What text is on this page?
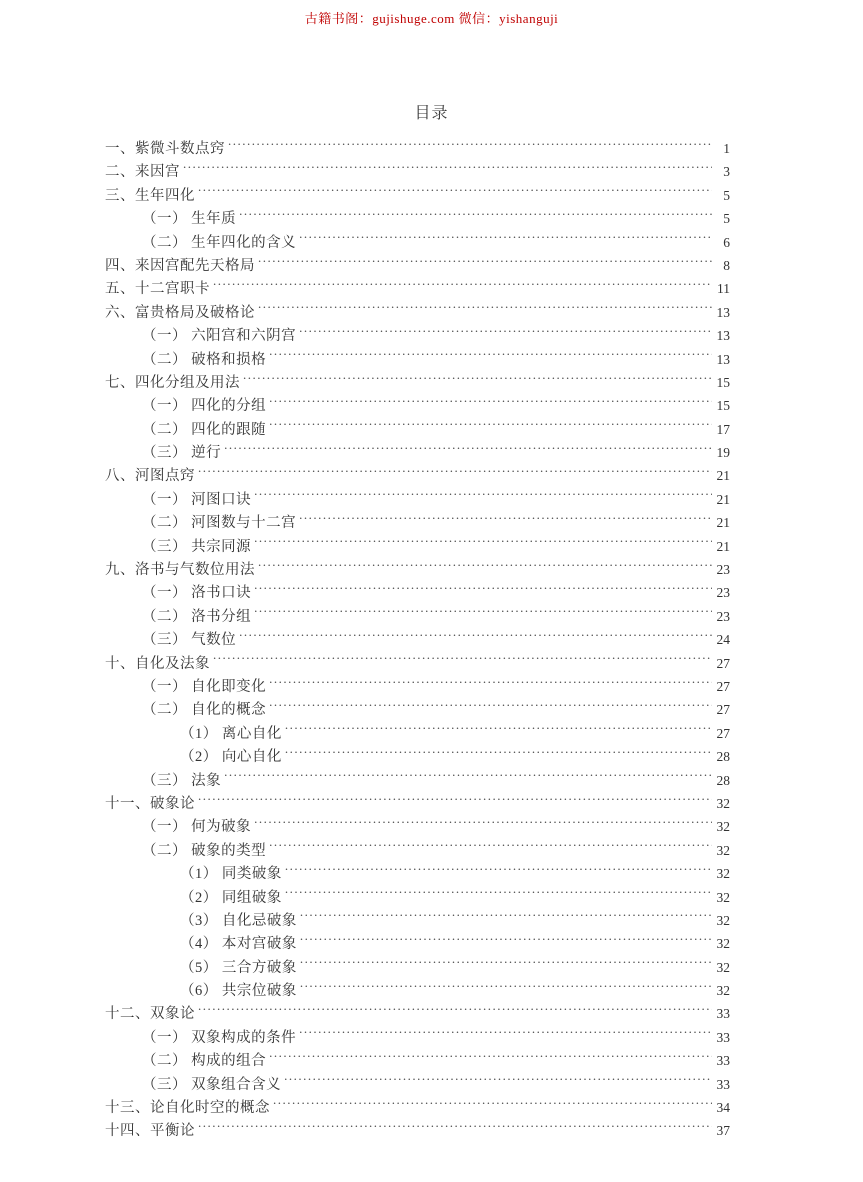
古籍书阁：gujishuge.com 微信：yishanguji
目录
一、紫微斗数点窍 .....	1
二、来因宫 .....	3
三、生年四化 .....	5
（一） 生年质 .....	5
（二） 生年四化的含义 .....	6
四、来因宫配先天格局 .....	8
五、十二宫职卡 .....	11
六、富贵格局及破格论 .....	13
（一） 六阳宫和六阴宫 .....	13
（二） 破格和损格 .....	13
七、四化分组及用法 .....	15
（一） 四化的分组 .....	15
（二） 四化的跟随 .....	17
（三） 逆行 .....	19
八、河图点窍 .....	21
（一） 河图口诀 .....	21
（二） 河图数与十二宫 .....	21
（三） 共宗同源 .....	21
九、洛书与气数位用法 .....	23
（一） 洛书口诀 .....	23
（二） 洛书分组 .....	23
（三） 气数位 .....	24
十、自化及法象 .....	27
（一） 自化即变化 .....	27
（二） 自化的概念 .....	27
（1） 离心自化 .....	27
（2） 向心自化 .....	28
（三） 法象 .....	28
十一、破象论 .....	32
（一） 何为破象 .....	32
（二） 破象的类型 .....	32
（1） 同类破象 .....	32
（2） 同组破象 .....	32
（3） 自化忌破象 .....	32
（4） 本对宫破象 .....	32
（5） 三合方破象 .....	32
（6） 共宗位破象 .....	32
十二、双象论 .....	33
（一） 双象构成的条件 .....	33
（二） 构成的组合 .....	33
（三） 双象组合含义 .....	33
十三、论自化时空的概念 .....	34
十四、平衡论 .....	37
